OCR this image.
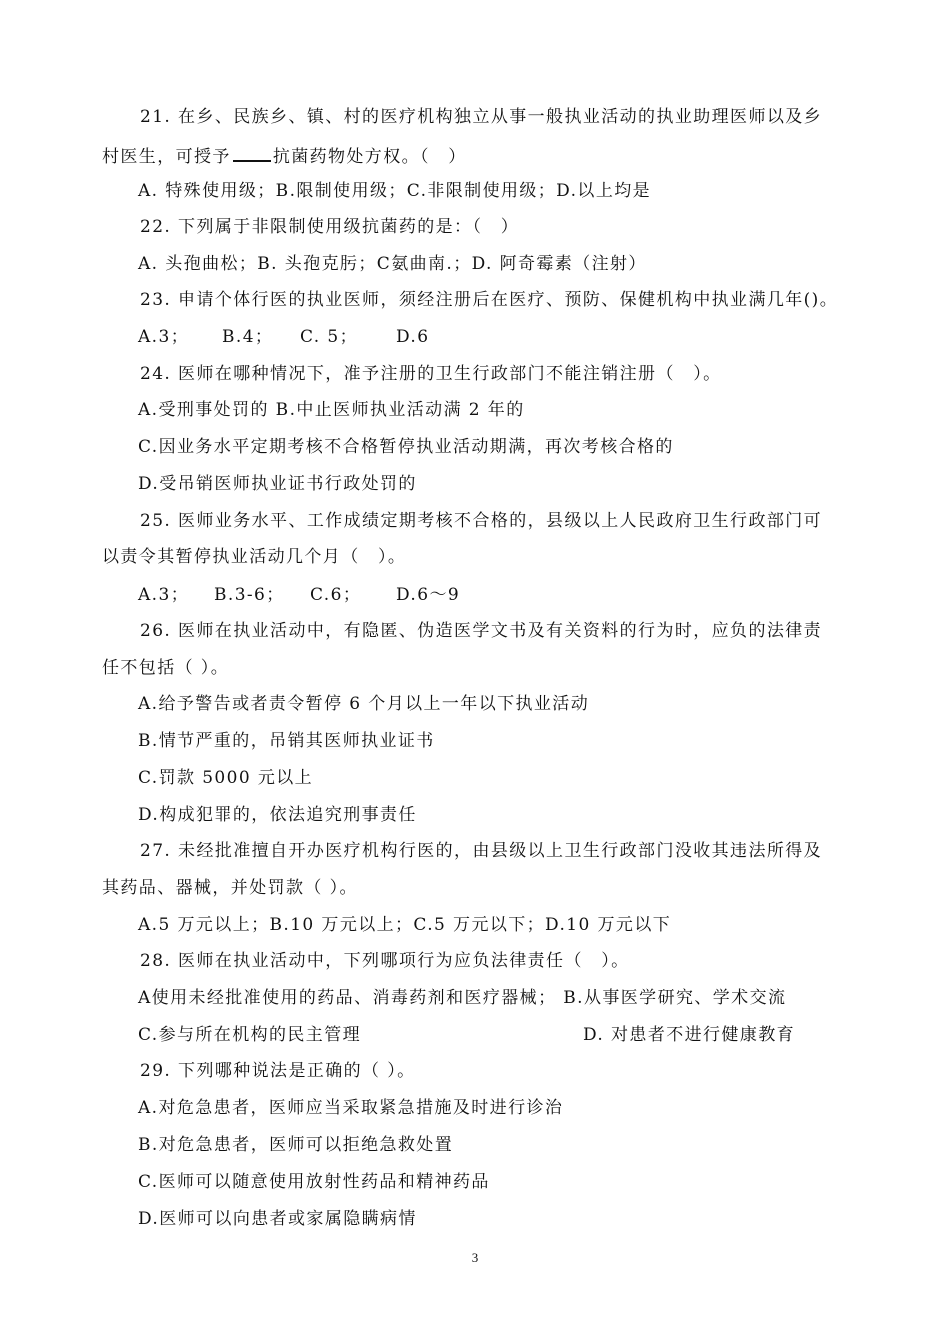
21. 在乡、民族乡、镇、村的医疗机构独立从事一般执业活动的执业助理医师以及乡
村医生，可授予 抗菌药物处方权。（　）
A. 特殊使用级；B.限制使用级；C.非限制使用级；D.以上均是
22. 下列属于非限制使用级抗菌药的是：（　）
A. 头孢曲松；B. 头孢克肟；C氨曲南.；D. 阿奇霉素（注射）
23. 申请个体行医的执业医师，须经注册后在医疗、预防、保健机构中执业满几年()。
A.3； B.4； C. 5； D.6
24. 医师在哪种情况下，准予注册的卫生行政部门不能注销注册（　）。
A.受刑事处罚的 B.中止医师执业活动满 2 年的
C.因业务水平定期考核不合格暂停执业活动期满，再次考核合格的
D.受吊销医师执业证书行政处罚的
25. 医师业务水平、工作成绩定期考核不合格的，县级以上人民政府卫生行政部门可
以责令其暂停执业活动几个月（　）。
A.3； B.3-6； C.6； D.6～9
26. 医师在执业活动中，有隐匿、伪造医学文书及有关资料的行为时，应负的法律责
任不包括（ ）。
A.给予警告或者责令暂停 6 个月以上一年以下执业活动
B.情节严重的，吊销其医师执业证书
C.罚款 5000 元以上
D.构成犯罪的，依法追究刑事责任
27. 未经批准擅自开办医疗机构行医的，由县级以上卫生行政部门没收其违法所得及
其药品、器械，并处罚款（ ）。
A.5 万元以上；B.10 万元以上；C.5 万元以下；D.10 万元以下
28. 医师在执业活动中，下列哪项行为应负法律责任（　）。
A使用未经批准使用的药品、消毒药剂和医疗器械； B.从事医学研究、学术交流
C.参与所在机构的民主管理	D. 对患者不进行健康教育
29. 下列哪种说法是正确的（ ）。
A.对危急患者，医师应当采取紧急措施及时进行诊治
B.对危急患者，医师可以拒绝急救处置
C.医师可以随意使用放射性药品和精神药品
D.医师可以向患者或家属隐瞒病情
3
